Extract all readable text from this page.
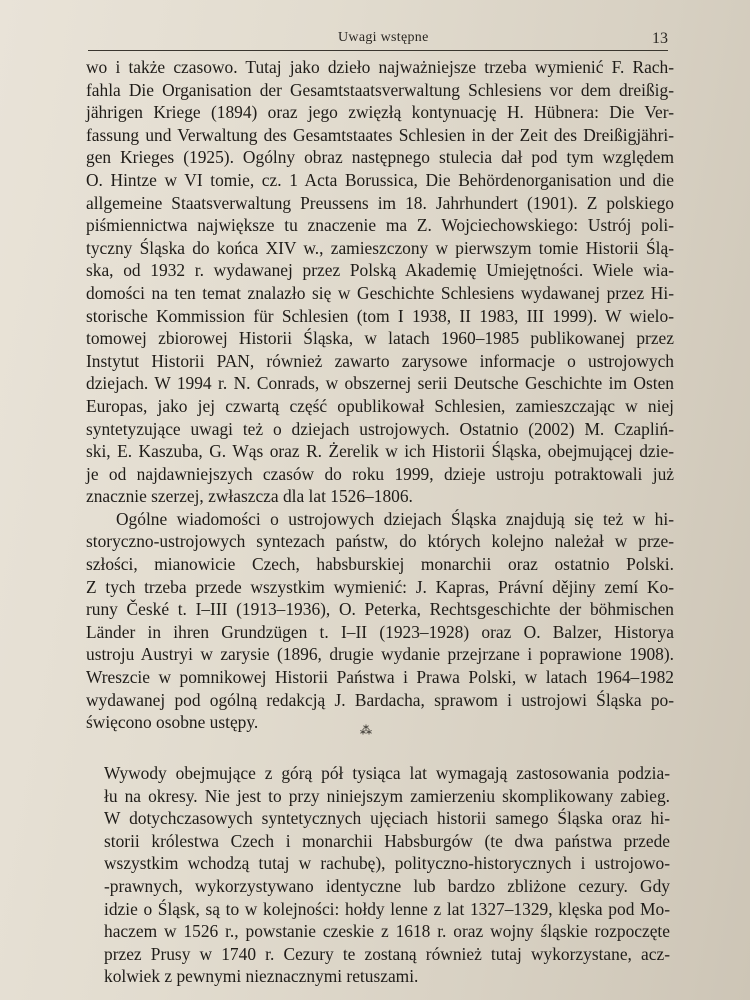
Uwagi wstępne	13
wo i także czasowo. Tutaj jako dzieło najważniejsze trzeba wymienić F. Rach-
fahla Die Organisation der Gesamtstaatsverwaltung Schlesiens vor dem dreißig-
jährigen Kriege (1894) oraz jego zwięzłą kontynuację H. Hübnera: Die Ver-
fassung und Verwaltung des Gesamtstaates Schlesien in der Zeit des Dreißigjähri-
gen Krieges (1925). Ogólny obraz następnego stulecia dał pod tym względem
O. Hintze w VI tomie, cz. 1 Acta Borussica, Die Behördenorganisation und die
allgemeine Staatsverwaltung Preussens im 18. Jahrhundert (1901). Z polskiego
piśmiennictwa największe tu znaczenie ma Z. Wojciechowskiego: Ustrój poli-
tyczny Śląska do końca XIV w., zamieszczony w pierwszym tomie Historii Ślą-
ska, od 1932 r. wydawanej przez Polską Akademię Umiejętności. Wiele wia-
domości na ten temat znalazło się w Geschichte Schlesiens wydawanej przez Hi-
storische Kommission für Schlesien (tom I 1938, II 1983, III 1999). W wielo-
tomowej zbiorowej Historii Śląska, w latach 1960–1985 publikowanej przez
Instytut Historii PAN, również zawarto zarysowe informacje o ustrojowych
dziejach. W 1994 r. N. Conrads, w obszernej serii Deutsche Geschichte im Osten
Europas, jako jej czwartą część opublikował Schlesien, zamieszczając w niej
syntetyzujące uwagi też o dziejach ustrojowych. Ostatnio (2002) M. Czapliń-
ski, E. Kaszuba, G. Wąs oraz R. Żerelik w ich Historii Śląska, obejmującej dzie-
je od najdawniejszych czasów do roku 1999, dzieje ustroju potraktowali już
znacznie szerzej, zwłaszcza dla lat 1526–1806.
Ogólne wiadomości o ustrojowych dziejach Śląska znajdują się też w hi-
storyczno-ustrojowych syntezach państw, do których kolejno należał w prze-
szłości, mianowicie Czech, habsburskiej monarchii oraz ostatnio Polski.
Z tych trzeba przede wszystkim wymienić: J. Kapras, Právní dějiny zemí Ko-
runy České t. I–III (1913–1936), O. Peterka, Rechtsgeschichte der böhmischen
Länder in ihren Grundzügen t. I–II (1923–1928) oraz O. Balzer, Historya
ustroju Austryi w zarysie (1896, drugie wydanie przejrzane i poprawione 1908).
Wreszcie w pomnikowej Historii Państwa i Prawa Polski, w latach 1964–1982
wydawanej pod ogólną redakcją J. Bardacha, sprawom i ustrojowi Śląska po-
święcono osobne ustępy.	⁂
Wywody obejmujące z górą pół tysiąca lat wymagają zastosowania podzia-
łu na okresy. Nie jest to przy niniejszym zamierzeniu skomplikowany zabieg.
W dotychczasowych syntetycznych ujęciach historii samego Śląska oraz hi-
storii królestwa Czech i monarchii Habsburgów (te dwa państwa przede
wszystkim wchodzą tutaj w rachubę), polityczno-historycznych i ustrojowo-
-prawnych, wykorzystywano identyczne lub bardzo zbliżone cezury. Gdy
idzie o Śląsk, są to w kolejności: hołdy lenne z lat 1327–1329, klęska pod Mo-
haczem w 1526 r., powstanie czeskie z 1618 r. oraz wojny śląskie rozpoczęte
przez Prusy w 1740 r. Cezury te zostaną również tutaj wykorzystane, acz-
kolwiek z pewnymi nieznacznymi retuszami.
